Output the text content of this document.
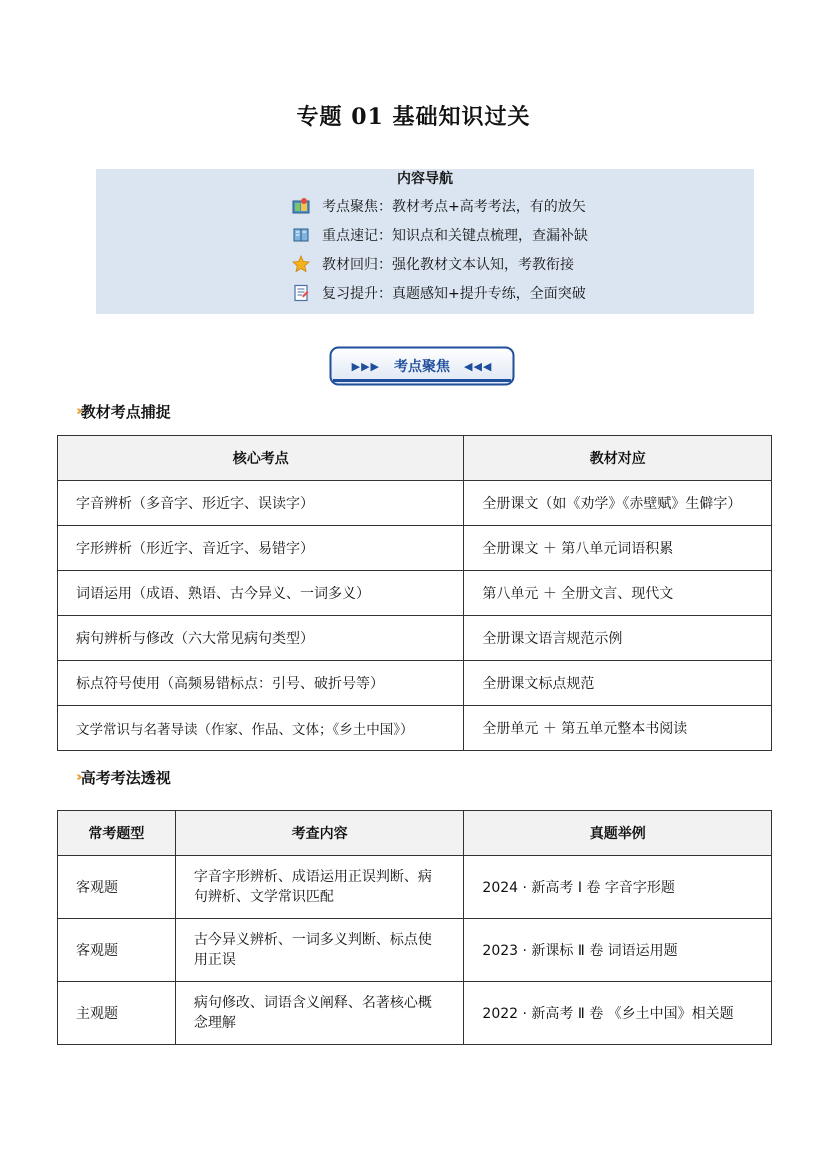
专题 01 基础知识过关
内容导航
考点聚焦：教材考点+高考考法，有的放矢
重点速记：知识点和关键点梳理，查漏补缺
教材回归：强化教材文本认知，考教衔接
复习提升：真题感知+提升专练，全面突破
▶▶▶ 考点聚焦 ◀◀◀
›› 教材考点捕捉
核心考点	教材对应
字音辨析（多音字、形近字、误读字）	全册课文（如《劝学》《赤壁赋》生僻字）
字形辨析（形近字、音近字、易错字）	全册课文 ＋ 第八单元词语积累
词语运用（成语、熟语、古今异义、一词多义）	第八单元 ＋ 全册文言、现代文
病句辨析与修改（六大常见病句类型）	全册课文语言规范示例
标点符号使用（高频易错标点：引号、破折号等）	全册课文标点规范
文学常识与名著导读（作家、作品、文体；《乡土中国》）	全册单元 ＋ 第五单元整本书阅读
›› 高考考法透视
常考题型	考查内容	真题举例
客观题	字音字形辨析、成语运用正误判断、病句辨析、文学常识匹配	2024 · 新高考 Ⅰ 卷 字音字形题
客观题	古今异义辨析、一词多义判断、标点使用正误	2023 · 新课标 Ⅱ 卷 词语运用题
主观题	病句修改、词语含义阐释、名著核心概念理解	2022 · 新高考 Ⅱ 卷 《乡土中国》相关题
